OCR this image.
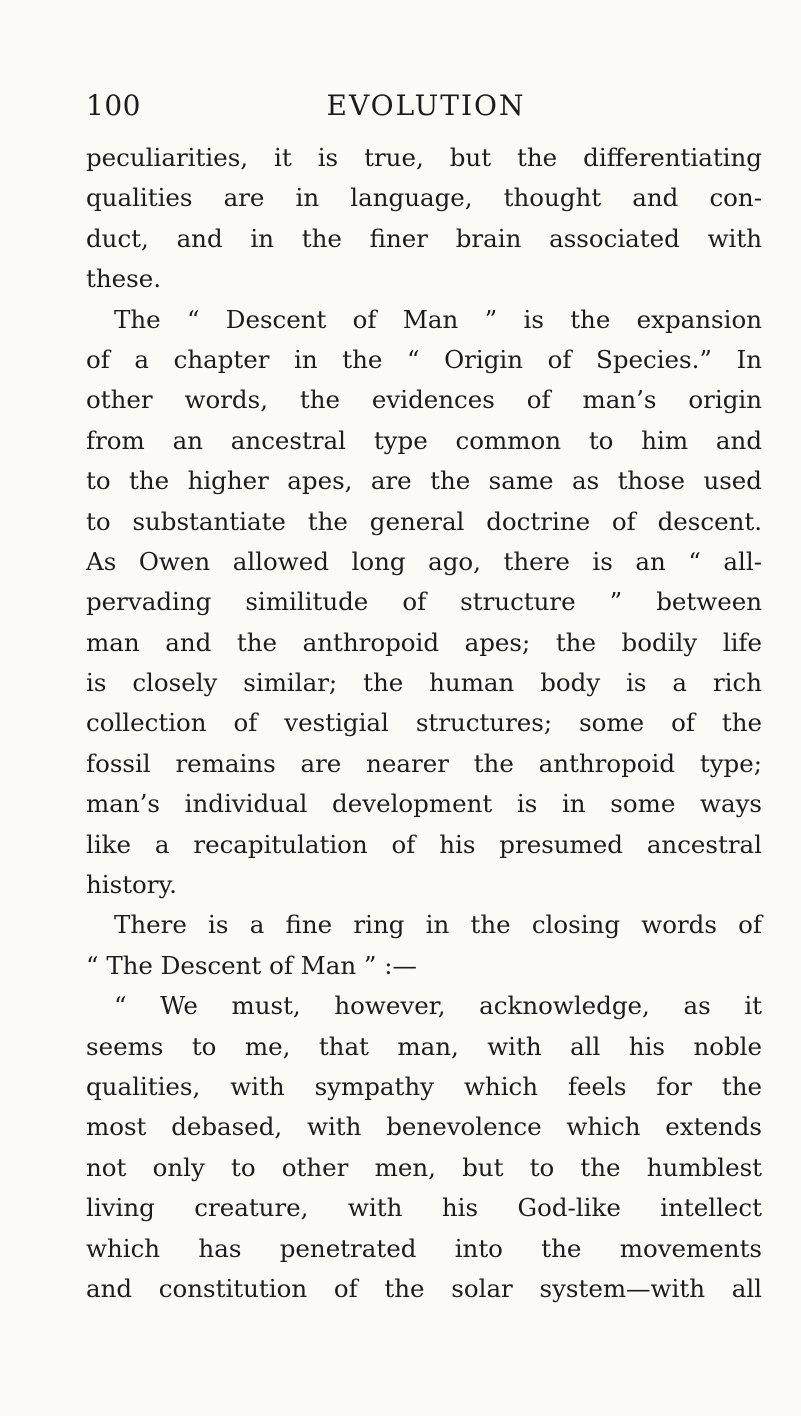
100	EVOLUTION
peculiarities, it is true, but the differentiating
qualities are in language, thought and con-
duct, and in the finer brain associated with
these.
The “ Descent of Man ” is the expansion
of a chapter in the “ Origin of Species.” In
other words, the evidences of man’s origin
from an ancestral type common to him and
to the higher apes, are the same as those used
to substantiate the general doctrine of descent.
As Owen allowed long ago, there is an “ all-
pervading similitude of structure ” between
man and the anthropoid apes; the bodily life
is closely similar; the human body is a rich
collection of vestigial structures; some of the
fossil remains are nearer the anthropoid type;
man’s individual development is in some ways
like a recapitulation of his presumed ancestral
history.
There is a fine ring in the closing words of
“ The Descent of Man ” :—
“ We must, however, acknowledge, as it
seems to me, that man, with all his noble
qualities, with sympathy which feels for the
most debased, with benevolence which extends
not only to other men, but to the humblest
living creature, with his God-like intellect
which has penetrated into the movements
and constitution of the solar system—with all
